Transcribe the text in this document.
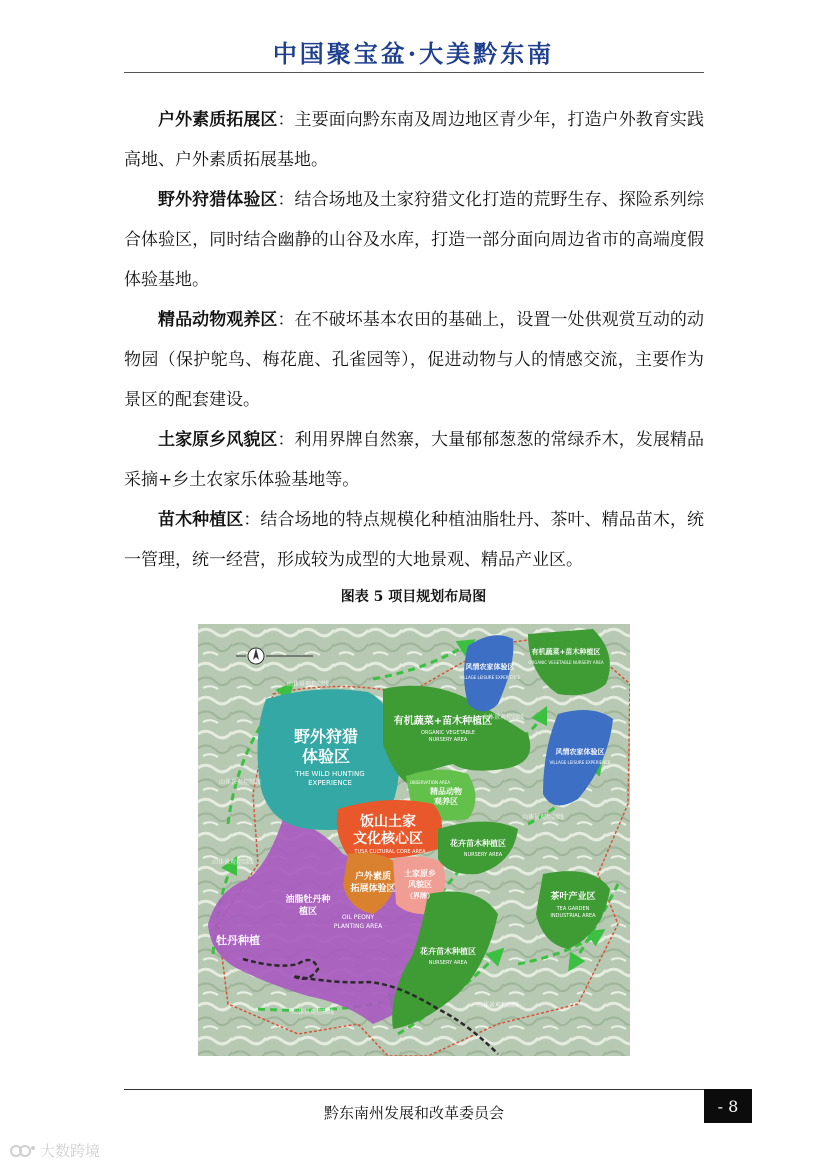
中国聚宝盆·大美黔东南

户外素质拓展区：主要面向黔东南及周边地区青少年，打造户外教育实践高地、户外素质拓展基地。

野外狩猎体验区：结合场地及土家狩猎文化打造的荒野生存、探险系列综合体验区，同时结合幽静的山谷及水库，打造一部分面向周边省市的高端度假体验基地。

精品动物观养区：在不破坏基本农田的基础上，设置一处供观赏互动的动物园（保护鸵鸟、梅花鹿、孔雀园等），促进动物与人的情感交流，主要作为景区的配套建设。

土家原乡风貌区：利用界牌自然寨，大量郁郁葱葱的常绿乔木，发展精品采摘+乡土农家乐体验基地等。

苗木种植区：结合场地的特点规模化种植油脂牡丹、茶叶、精品苗木，统一管理，统一经营，形成较为成型的大地景观、精品产业区。

图表 5 项目规划布局图
野外狩猎
体验区
THE WILD HUNTING
EXPERIENCE
有机蔬菜+苗木种植区
ORGANIC VEGETABLE
NURSERY AREA
精品动物
观养区
OBSERVATION AREA
饭山土家
文化核心区
TUSA CULTURAL CORE AREA
户外素质
拓展体验区
土家原乡
风貌区
（界牌）
花卉苗木种植区
NURSERY AREA
油脂牡丹种
植区
OIL PEONY
PLANTING AREA
牡丹种植
茶叶产业区
TEA GARDEN
INDUSTRIAL AREA
花卉苗木种植区
NURSERY AREA
有机蔬菜+苗木种植区
ORGANIC VEGETABLE NURSERY AREA
风情农家体验区
VILLAGE LEISURE EXPERIENCE
风情农家体验区
VILLAGE LEISURE EXPERIENCE
山体景观控制线
山体景观控制线
山体景观控制线
山体景观控制线
山体景观控制线
山体景观控制线
山体景观控制线
黔东南州发展和改革委员会	- 8
大数跨境
